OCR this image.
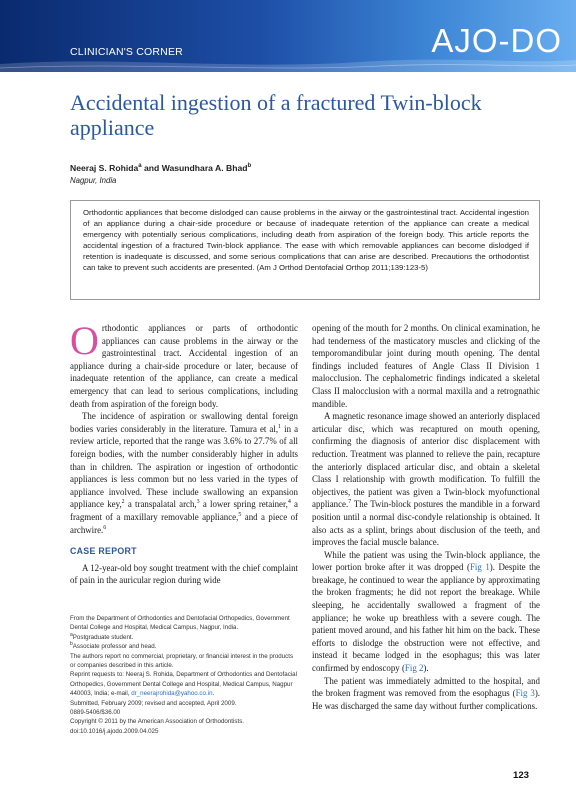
CLINICIAN'S CORNER	AJO-DO
Accidental ingestion of a fractured Twin-block appliance
Neeraj S. Rohida$^a$ and Wasundhara A. Bhad$^b$
Nagpur, India

Orthodontic appliances that become dislodged can cause problems in the airway or the gastrointestinal tract. Accidental ingestion of an appliance during a chair-side procedure or because of inadequate retention of the appliance can create a medical emergency with potentially serious complications, including death from aspiration of the foreign body. This article reports the accidental ingestion of a fractured Twin-block appliance. The ease with which removable appliances can become dislodged if retention is inadequate is discussed, and some serious complications that can arise are described. Precautions the orthodontist can take to prevent such accidents are presented. (Am J Orthod Dentofacial Orthop 2011;139:123-5)

Orthodontic appliances or parts of orthodontic appliances can cause problems in the airway or the gastrointestinal tract. Accidental ingestion of an appliance during a chair-side procedure or later, because of inadequate retention of the appliance, can create a medical emergency that can lead to serious complications, including death from aspiration of the foreign body.

The incidence of aspiration or swallowing dental foreign bodies varies considerably in the literature. Tamura et al,$^1$ in a review article, reported that the range was 3.6% to 27.7% of all foreign bodies, with the number considerably higher in adults than in children. The aspiration or ingestion of orthodontic appliances is less common but no less varied in the types of appliance involved. These include swallowing an expansion appliance key,$^2$ a transpalatal arch,$^3$ a lower spring retainer,$^4$ a fragment of a maxillary removable appliance,$^5$ and a piece of archwire.$^6$

CASE REPORT

A 12-year-old boy sought treatment with the chief complaint of pain in the auricular region during wide

From the Department of Orthodontics and Dentofacial Orthopedics, Government Dental College and Hospital, Medical Campus, Nagpur, India.
$^a$Postgraduate student.
$^b$Associate professor and head.
The authors report no commercial, proprietary, or financial interest in the products or companies described in this article.
Reprint requests to: Neeraj S. Rohida, Department of Orthodontics and Dentofacial Orthopedics, Government Dental College and Hospital, Medical Campus, Nagpur 440003, India; e-mail, dr_neerajrohida@yahoo.co.in.
Submitted, February 2009; revised and accepted, April 2009.
0889-5406/$36.00
Copyright © 2011 by the American Association of Orthodontists.
doi:10.1016/j.ajodo.2009.04.025

opening of the mouth for 2 months. On clinical examination, he had tenderness of the masticatory muscles and clicking of the temporomandibular joint during mouth opening. The dental findings included features of Angle Class II Division 1 malocclusion. The cephalometric findings indicated a skeletal Class II malocclusion with a normal maxilla and a retrognathic mandible.

A magnetic resonance image showed an anteriorly displaced articular disc, which was recaptured on mouth opening, confirming the diagnosis of anterior disc displacement with reduction. Treatment was planned to relieve the pain, recapture the anteriorly displaced articular disc, and obtain a skeletal Class I relationship with growth modification. To fulfill the objectives, the patient was given a Twin-block myofunctional appliance.$^7$ The Twin-block postures the mandible in a forward position until a normal disc-condyle relationship is obtained. It also acts as a splint, brings about disclusion of the teeth, and improves the facial muscle balance.

While the patient was using the Twin-block appliance, the lower portion broke after it was dropped (Fig 1). Despite the breakage, he continued to wear the appliance by approximating the broken fragments; he did not report the breakage. While sleeping, he accidentally swallowed a fragment of the appliance; he woke up breathless with a severe cough. The patient moved around, and his father hit him on the back. These efforts to dislodge the obstruction were not effective, and instead it became lodged in the esophagus; this was later confirmed by endoscopy (Fig 2).

The patient was immediately admitted to the hospital, and the broken fragment was removed from the esophagus (Fig 3). He was discharged the same day without further complications.

123
